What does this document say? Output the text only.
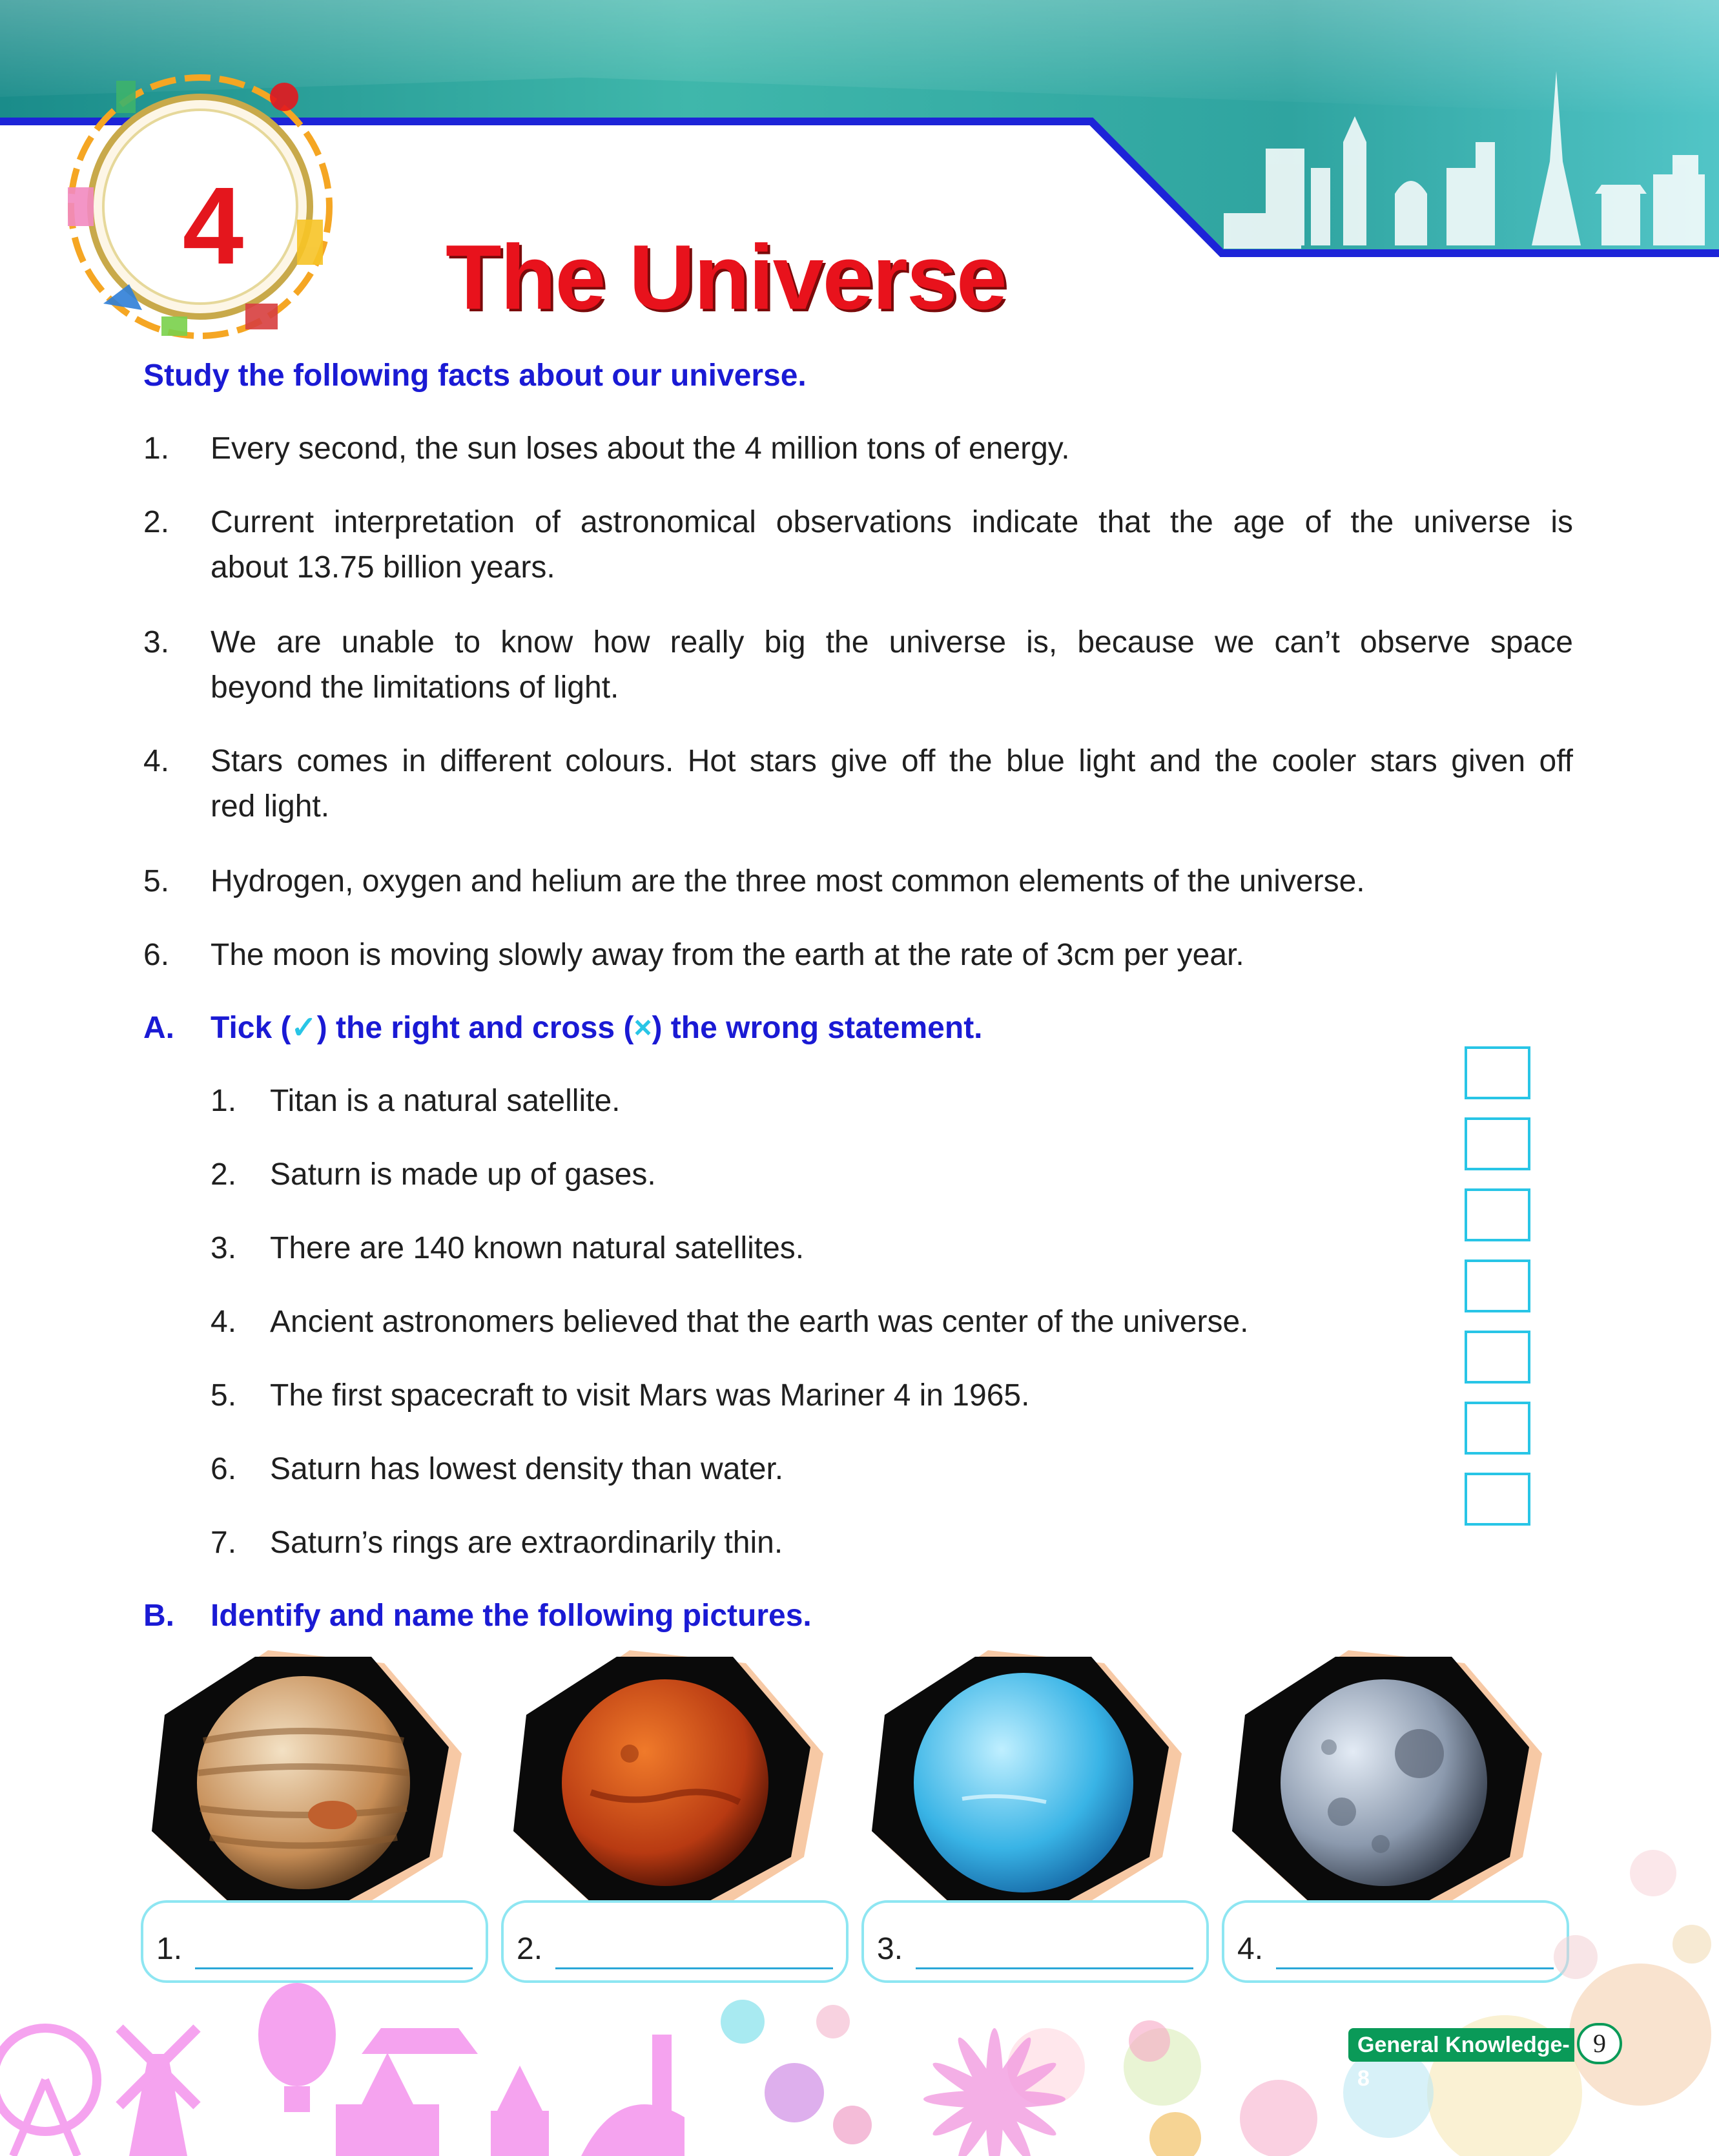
4	The Universe
Study the following facts about our universe.
1.	Every second, the sun loses about the 4 million tons of energy.
2.	Current interpretation of astronomical observations indicate that the age of the universe is
about 13.75 billion years.
3.	We are unable to know how really big the universe is, because we can’t observe space
beyond the limitations of light.
4.	Stars comes in different colours. Hot stars give off the blue light and the cooler stars given off
red light.
5.	Hydrogen, oxygen and helium are the three most common elements of the universe.
6.	The moon is moving slowly away from the earth at the rate of 3cm per year.
A. Tick (✓) the right and cross (×) the wrong statement.
1.	Titan is a natural satellite.
2.	Saturn is made up of gases.
3.	There are 140 known natural satellites.
4.	Ancient astronomers believed that the earth was center of the universe.
5.	The first spacecraft to visit Mars was Mariner 4 in 1965.
6.	Saturn has lowest density than water.
7.	Saturn’s rings are extraordinarily thin.
B. Identify and name the following pictures.
1.	2.	3.	4.
General Knowledge-8
9
